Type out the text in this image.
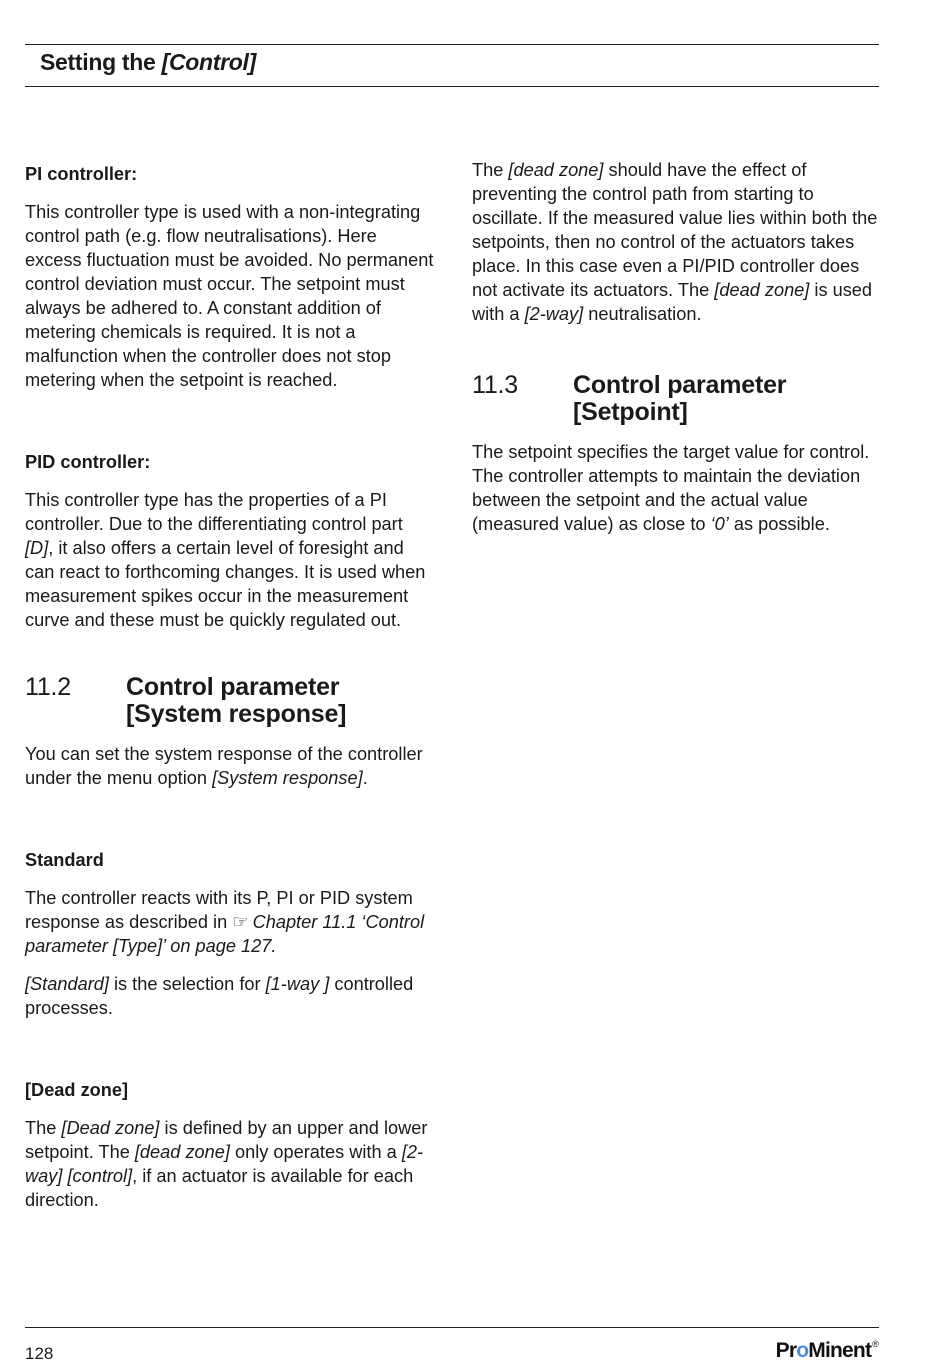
Setting the [Control]
PI controller:

This controller type is used with a non-integrating control path (e.g. flow neutralisations). Here excess fluctuation must be avoided. No permanent control deviation must occur. The setpoint must always be adhered to. A constant addition of metering chemicals is required. It is not a malfunction when the controller does not stop metering when the setpoint is reached.

PID controller:

This controller type has the properties of a PI controller. Due to the differentiating control part [D], it also offers a certain level of foresight and can react to forthcoming changes. It is used when measurement spikes occur in the measurement curve and these must be quickly regulated out.

11.2	Control parameter [System response]

You can set the system response of the controller under the menu option [System response].

Standard

The controller reacts with its P, PI or PID system response as described in ☞ Chapter 11.1 ‘Control parameter [Type]’ on page 127.

[Standard] is the selection for [1-way ] controlled processes.

[Dead zone]

The [Dead zone] is defined by an upper and lower setpoint. The [dead zone] only operates with a [2-way] [control], if an actuator is available for each direction.

The [dead zone] should have the effect of preventing the control path from starting to oscillate. If the measured value lies within both the setpoints, then no control of the actuators takes place. In this case even a PI/PID controller does not activate its actuators. The [dead zone] is used with a [2-way] neutralisation.

11.3	Control parameter [Setpoint]

The setpoint specifies the target value for control. The controller attempts to maintain the deviation between the setpoint and the actual value (measured value) as close to ‘0’ as possible.

128	ProMinent®
